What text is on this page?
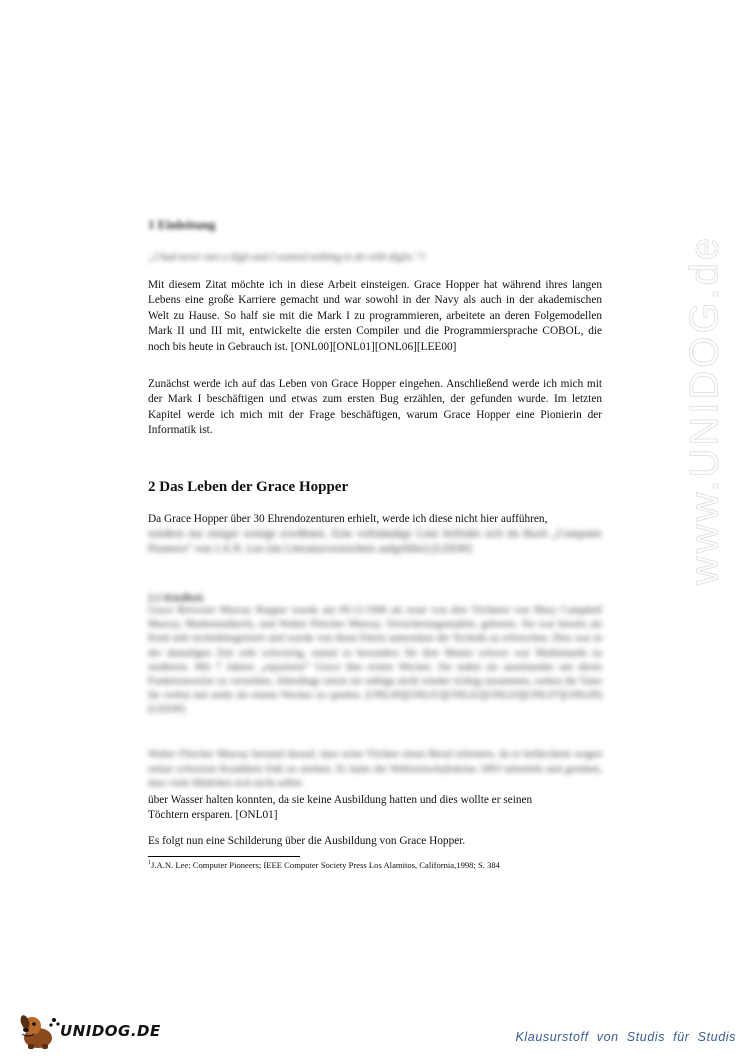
www.UNIDOG.de
1 Einleitung
„I had never met a digit and I wanted nothing to do with digits.“1
Mit diesem Zitat möchte ich in diese Arbeit einsteigen. Grace Hopper hat während ihres langen Lebens eine große Karriere gemacht und war sowohl in der Navy als auch in der akademischen Welt zu Hause. So half sie mit die Mark I zu programmieren, arbeitete an deren Folgemodellen Mark II und III mit, entwickelte die ersten Compiler und die Programmiersprache COBOL, die noch bis heute in Gebrauch ist. [ONL00][ONL01][ONL06][LEE00]
Zunächst werde ich auf das Leben von Grace Hopper eingehen. Anschließend werde ich mich mit der Mark I beschäftigen und etwas zum ersten Bug erzählen, der gefunden wurde. Im letzten Kapitel werde ich mich mit der Frage beschäftigen, warum Grace Hopper eine Pionierin der Informatik ist.
2 Das Leben der Grace Hopper
Da Grace Hopper über 30 Ehrendozenturen erhielt, werde ich diese nicht hier aufführen,
sondern nur einiger wenige erwähnen. Eine vollständige Liste befindet sich im Buch „Computer Pioneers“ von J.A.N. Lee (im Literaturverzeichnis aufgeführt).[LEE00]
2.1 Kindheit
Grace Brewster Murray Hopper wurde am 09.12.1906 als erste von drei Töchtern von Mary Campbell Murray, Mathematikerin, und Walter Fletcher Murray, Versicherungsmakler, geboren. Sie war bereits als Kind sehr technikbegeistert und wurde von ihren Eltern unterstützt die Technik zu erforschen. Dies war in der damaligen Zeit sehr schwierig, zumal es besonders für ihre Mutter schwer war Mathematik zu studieren. Mit 7 Jahren „reparierte“ Grace ihre ersten Wecker. Sie nahm sie auseinander um deren Funktionsweise zu verstehen. Allerdings setzte sie selbige nicht wieder richtig zusammen, sodass ihr Vater ihr verbot mit mehr als einem Wecker zu spielen. [ONL00][ONL01][ONL02][ONL03][ONL07][ONL09][LEE00]
Walter Fletcher Murray bestand darauf, dass seine Töchter einen Beruf erlernten, da er befürchtete wegen seiner schweren Krankheit früh zu sterben. Er hatte die Weltwirtschaftskrise 1893 miterlebt und gesehen, dass viele Mädchen sich nicht selbst
über Wasser halten konnten, da sie keine Ausbildung hatten und dies wollte er seinen
Töchtern ersparen. [ONL01]
Es folgt nun eine Schilderung über die Ausbildung von Grace Hopper.
$^1$J.A.N. Lee: Computer Pioneers; IEEE Computer Society Press Los Alamitos, California,1998; S. 384
UNIDOG.DE	Klausurstoff von Studis für Studis
